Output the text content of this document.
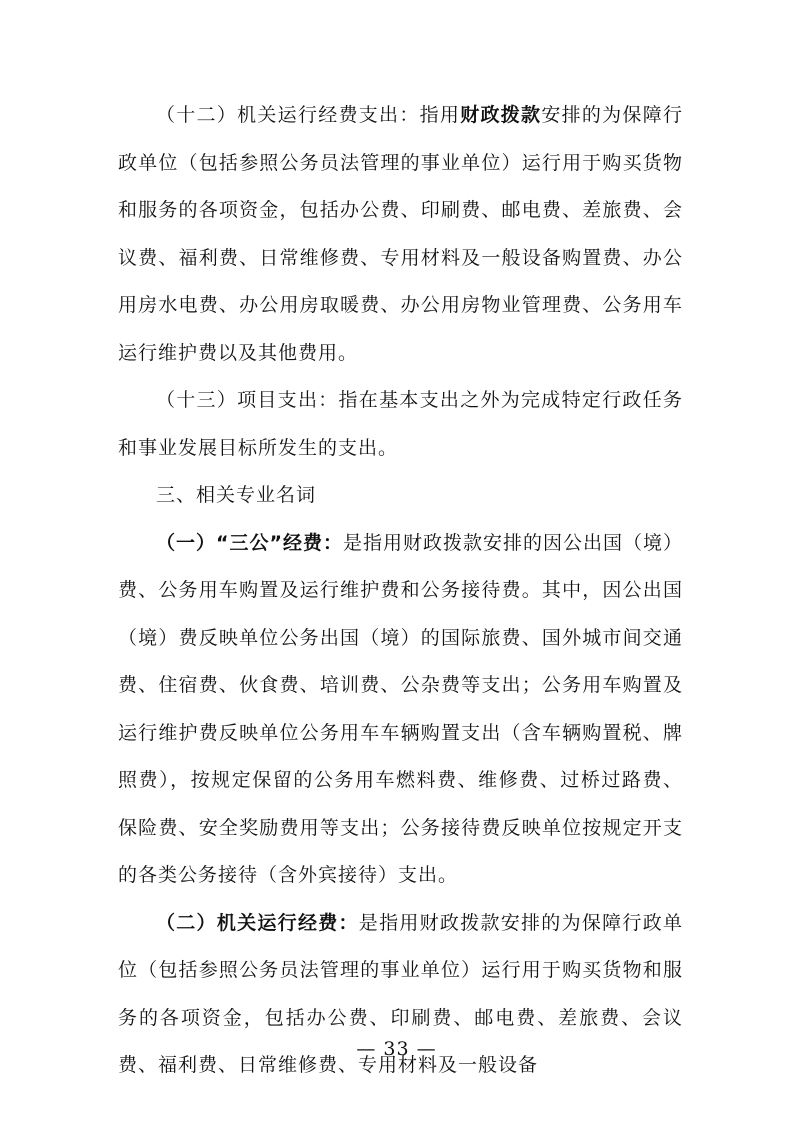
（十二）机关运行经费支出：指用财政拨款安排的为保障行政单位（包括参照公务员法管理的事业单位）运行用于购买货物和服务的各项资金，包括办公费、印刷费、邮电费、差旅费、会议费、福利费、日常维修费、专用材料及一般设备购置费、办公用房水电费、办公用房取暖费、办公用房物业管理费、公务用车运行维护费以及其他费用。

（十三）项目支出：指在基本支出之外为完成特定行政任务和事业发展目标所发生的支出。

三、相关专业名词

（一）“三公”经费：是指用财政拨款安排的因公出国（境）费、公务用车购置及运行维护费和公务接待费。其中，因公出国（境）费反映单位公务出国（境）的国际旅费、国外城市间交通费、住宿费、伙食费、培训费、公杂费等支出；公务用车购置及运行维护费反映单位公务用车车辆购置支出（含车辆购置税、牌照费），按规定保留的公务用车燃料费、维修费、过桥过路费、保险费、安全奖励费用等支出；公务接待费反映单位按规定开支的各类公务接待（含外宾接待）支出。

（二）机关运行经费：是指用财政拨款安排的为保障行政单位（包括参照公务员法管理的事业单位）运行用于购买货物和服务的各项资金，包括办公费、印刷费、邮电费、差旅费、会议费、福利费、日常维修费、专用材料及一般设备

— 33 —
